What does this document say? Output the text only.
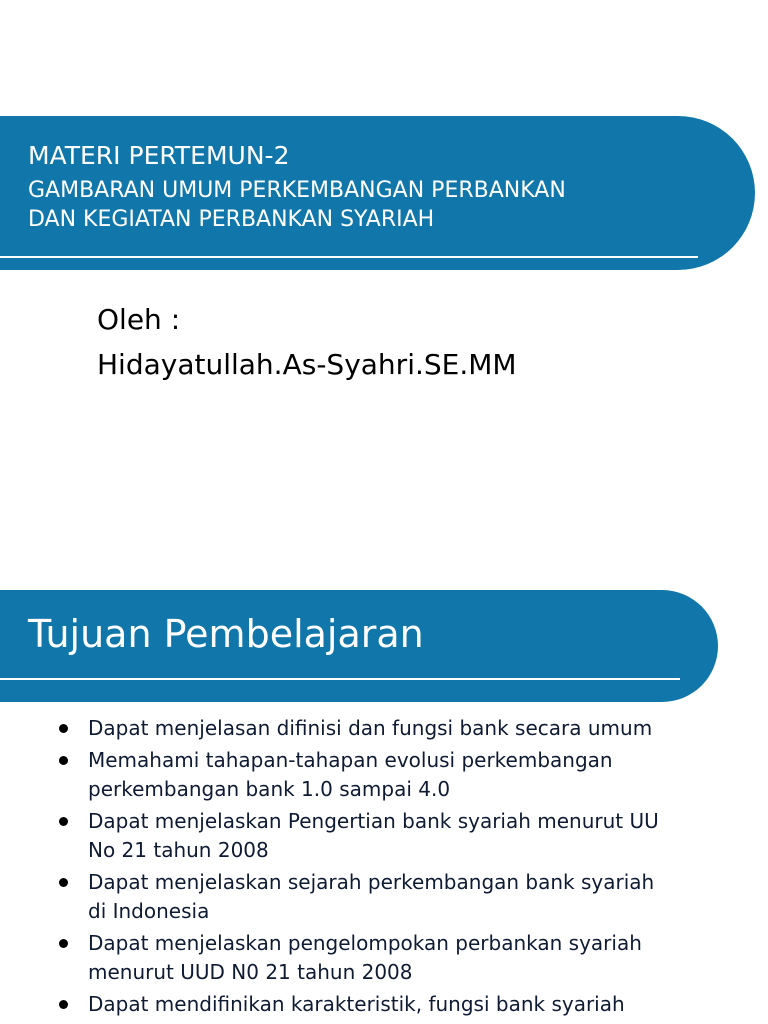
MATERI PERTEMUN-2

GAMBARAN UMUM PERKEMBANGAN PERBANKAN
DAN KEGIATAN PERBANKAN SYARIAH

Oleh :
Hidayatullah.As-Syahri.SE.MM

Tujuan Pembelajaran
Dapat menjelasan difinisi dan fungsi bank secara umum
Memahami tahapan-tahapan evolusi perkembangan
perkembangan bank 1.0 sampai 4.0
Dapat menjelaskan Pengertian bank syariah menurut UU
No 21 tahun 2008
Dapat menjelaskan sejarah perkembangan bank syariah
di Indonesia
Dapat menjelaskan pengelompokan perbankan syariah
menurut UUD N0 21 tahun 2008
Dapat mendifinikan karakteristik, fungsi bank syariah
